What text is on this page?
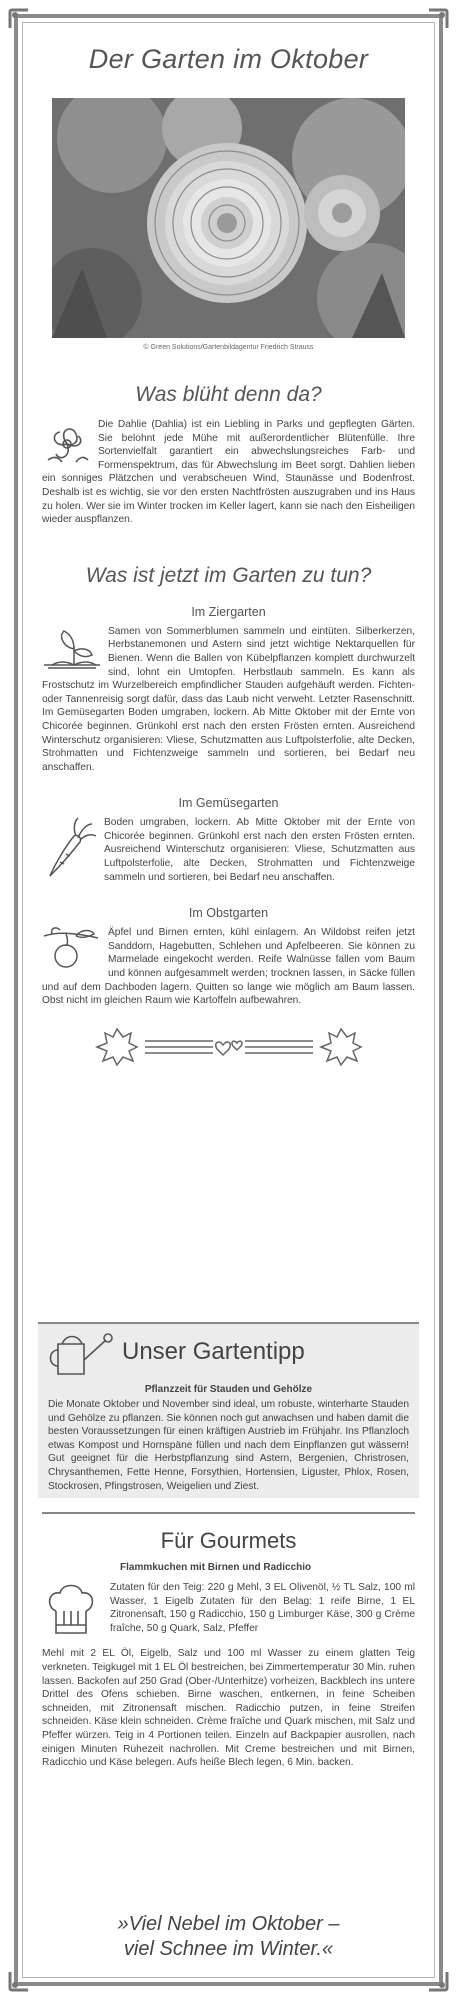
Der Garten im Oktober
© Green Solutions/Gartenbildagentur Friedrich Strauss
Was blüht denn da?
Die Dahlie (Dahlia) ist ein Liebling in Parks und gepflegten Gärten. Sie belohnt jede Mühe mit außerordentlicher Blütenfülle. Ihre Sortenvielfalt garantiert ein abwechslungsreiches Farb- und Formenspektrum, das für Abwechslung im Beet sorgt. Dahlien lieben ein sonniges Plätzchen und verabscheuen Wind, Staunässe und Bodenfrost. Deshalb ist es wichtig, sie vor den ersten Nachtfrösten auszugraben und ins Haus zu holen. Wer sie im Winter trocken im Keller lagert, kann sie nach den Eisheiligen wieder auspflanzen.
Was ist jetzt im Garten zu tun?
Im Ziergarten
Samen von Sommerblumen sammeln und eintüten. Silberkerzen, Herbstanemonen und Astern sind jetzt wichtige Nektarquellen für Bienen. Wenn die Ballen von Kübelpflanzen komplett durchwurzelt sind, lohnt ein Umtopfen. Herbstlaub sammeln. Es kann als Frostschutz im Wurzelbereich empfindlicher Stauden aufgehäuft werden. Fichten- oder Tannenreisig sorgt dafür, dass das Laub nicht verweht. Letzter Rasenschnitt. Im Gemüsegarten Boden umgraben, lockern. Ab Mitte Oktober mit der Ernte von Chicorée beginnen. Grünkohl erst nach den ersten Frösten ernten. Ausreichend Winterschutz organisieren: Vliese, Schutzmatten aus Luftpolsterfolie, alte Decken, Strohmatten und Fichtenzweige sammeln und sortieren, bei Bedarf neu anschaffen.
Im Gemüsegarten
Boden umgraben, lockern. Ab Mitte Oktober mit der Ernte von Chicorée beginnen. Grünkohl erst nach den ersten Frösten ernten. Ausreichend Winterschutz organisieren: Vliese, Schutzmatten aus Luftpolsterfolie, alte Decken, Strohmatten und Fichtenzweige sammeln und sortieren, bei Bedarf neu anschaffen.
Im Obstgarten
Äpfel und Birnen ernten, kühl einlagern. An Wildobst reifen jetzt Sanddorn, Hagebutten, Schlehen und Apfelbeeren. Sie können zu Marmelade eingekocht werden. Reife Walnüsse fallen vom Baum und können aufgesammelt werden; trocknen lassen, in Säcke füllen und auf dem Dachboden lagern. Quitten so lange wie möglich am Baum lassen. Obst nicht im gleichen Raum wie Kartoffeln aufbewahren.
Unser Gartentipp
Pflanzzeit für Stauden und Gehölze
Die Monate Oktober und November sind ideal, um robuste, winterharte Stauden und Gehölze zu pflanzen. Sie können noch gut anwachsen und haben damit die besten Voraussetzungen für einen kräftigen Austrieb im Frühjahr. Ins Pflanzloch etwas Kompost und Hornspäne füllen und nach dem Einpflanzen gut wässern! Gut geeignet für die Herbstpflanzung sind Astern, Bergenien, Christrosen, Chrysanthemen, Fette Henne, Forsythien, Hortensien, Liguster, Phlox, Rosen, Stockrosen, Pfingstrosen, Weigelien und Ziest.
Für Gourmets
Flammkuchen mit Birnen und Radicchio
Zutaten für den Teig: 220 g Mehl, 3 EL Olivenöl, ½ TL Salz, 100 ml Wasser, 1 Eigelb Zutaten für den Belag: 1 reife Birne, 1 EL Zitronensaft, 150 g Radicchio, 150 g Limburger Käse, 300 g Crème fraîche, 50 g Quark, Salz, Pfeffer
Mehl mit 2 EL Öl, Eigelb, Salz und 100 ml Wasser zu einem glatten Teig verkneten. Teigkugel mit 1 EL Öl bestreichen, bei Zimmertemperatur 30 Min. ruhen lassen. Backofen auf 250 Grad (Ober-/Unterhitze) vorheizen, Backblech ins untere Drittel des Ofens schieben. Birne waschen, entkernen, in feine Scheiben schneiden, mit Zitronensaft mischen. Radicchio putzen, in feine Streifen schneiden. Käse klein schneiden. Crème fraîche und Quark mischen, mit Salz und Pfeffer würzen. Teig in 4 Portionen teilen. Einzeln auf Backpapier ausrollen, nach einigen Minuten Ruhezeit nachrollen. Mit Creme bestreichen und mit Birnen, Radicchio und Käse belegen. Aufs heiße Blech legen, 6 Min. backen.
»Viel Nebel im Oktober –
viel Schnee im Winter.«
